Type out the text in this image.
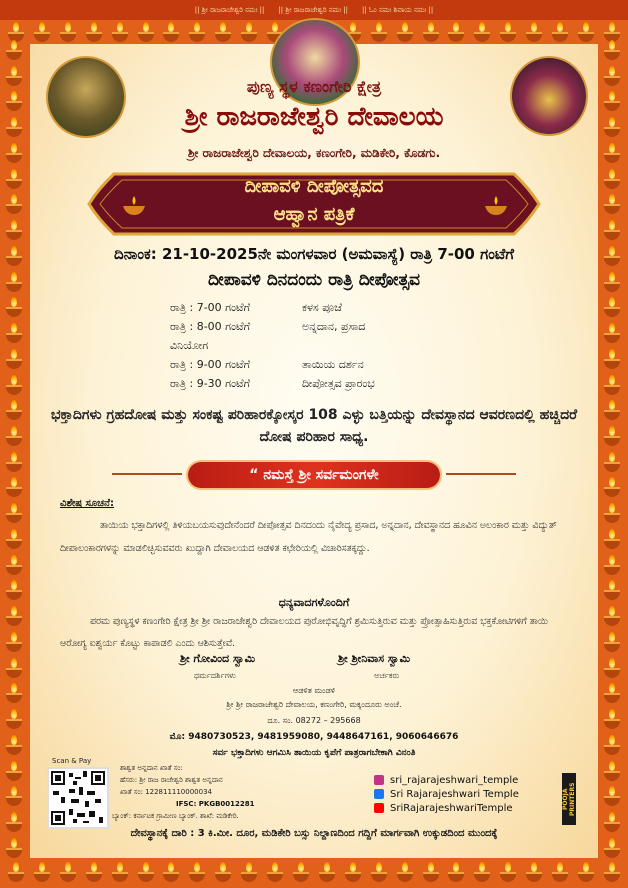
|| ಶ್ರೀ ರಾಜರಾಜೇಶ್ವರಿ ನಮಃ || || ಶ್ರೀ ರಾಜರಾಜೇಶ್ವರಿ ನಮಃ || || ಓಂ ನಮಃ ಶಿವಾಯ ನಮಃ ||
ಪುಣ್ಯ ಸ್ಥಳ ಕಣಂಗೇರಿ ಕ್ಷೇತ್ರ
ಶ್ರೀ ರಾಜರಾಜೇಶ್ವರಿ ದೇವಾಲಯ
ಶ್ರೀ ರಾಜರಾಜೇಶ್ವರಿ ದೇವಾಲಯ, ಕಣಂಗೇರಿ, ಮಡಿಕೇರಿ, ಕೊಡಗು.
ದೀಪಾವಳಿ ದೀಪೋತ್ಸವದ
ಆಹ್ವಾನ ಪತ್ರಿಕೆ
ದಿನಾಂಕ: 21-10-2025ನೇ ಮಂಗಳವಾರ (ಅಮವಾಸ್ಯೆ) ರಾತ್ರಿ 7-00 ಗಂಟೆಗೆ
ದೀಪಾವಳಿ ದಿನದಂದು ರಾತ್ರಿ ದೀಪೋತ್ಸವ
ರಾತ್ರಿ : 7-00 ಗಂಟೆಗೆ	ಕಳಸ ಪೂಜೆ
ರಾತ್ರಿ : 8-00 ಗಂಟೆಗೆ	ಅನ್ನದಾನ, ಪ್ರಸಾದ
ವಿನಿಯೋಗ
ರಾತ್ರಿ : 9-00 ಗಂಟೆಗೆ	ತಾಯಿಯ ದರ್ಶನ
ರಾತ್ರಿ : 9-30 ಗಂಟೆಗೆ	ದೀಪೋತ್ಸವ ಪ್ರಾರಂಭ
ಭಕ್ತಾದಿಗಳು ಗ್ರಹದೋಷ ಮತ್ತು ಸಂಕಷ್ಟ ಪರಿಹಾರಕ್ಕೋಸ್ಕರ 108 ಎಳ್ಳು ಬತ್ತಿಯನ್ನು ದೇವಸ್ಥಾನದ ಆವರಣದಲ್ಲಿ ಹಚ್ಚಿದರೆ ದೋಷ ಪರಿಹಾರ ಸಾಧ್ಯ.
“ ನಮಸ್ತೆ ಶ್ರೀ ಸರ್ವಮಂಗಳೇ
ವಿಶೇಷ ಸೂಚನೆ:
ತಾಯಿಯ ಭಕ್ತಾದಿಗಳಲ್ಲಿ ತಿಳಿಯಬಯಸುವುದೇನೆಂದರೆ ದೀಪೋತ್ಸವ ದಿನದಂದು ನೈವೇದ್ಯ ಪ್ರಸಾದ, ಅನ್ನದಾನ, ದೇವಸ್ಥಾನದ ಹೂವಿನ ಅಲಂಕಾರ ಮತ್ತು ವಿದ್ಯುತ್ ದೀಪಾಲಂಕಾರಗಳನ್ನು ಮಾಡಲಿಚ್ಛಿಸುವವರು ಖುದ್ದಾಗಿ ದೇವಾಲಯದ ಆಡಳಿತ ಕಛೇರಿಯಲ್ಲಿ ವಿಚಾರಿಸತಕ್ಕದ್ದು.
ಧನ್ಯವಾದಗಳೊಂದಿಗೆ
ಪರಮ ಪುಣ್ಯಸ್ಥಳ ಕಣಂಗೇರಿ ಕ್ಷೇತ್ರ ಶ್ರೀ ಶ್ರೀ ರಾಜರಾಜೇಶ್ವರಿ ದೇವಾಲಯದ ಪುರೋಭಿವೃದ್ಧಿಗೆ ಶ್ರಮಿಸುತ್ತಿರುವ ಮತ್ತು ಪ್ರೋತ್ಸಾಹಿಸುತ್ತಿರುವ ಭಕ್ತಕೋಟಿಗಳಿಗೆ ತಾಯಿ ಆರೋಗ್ಯ ಐಶ್ವರ್ಯ ಕೊಟ್ಟು ಕಾಪಾಡಲಿ ಎಂದು ಆಶಿಸುತ್ತೇವೆ.
ಶ್ರೀ ಗೋವಿಂದ ಸ್ವಾಮಿ
ಧರ್ಮದರ್ಶಿಗಳು
ಶ್ರೀ ಶ್ರೀನಿವಾಸ ಸ್ವಾಮಿ
ಅರ್ಚಕರು
ಆಡಳಿತ ಮಂಡಳಿ
ಶ್ರೀ ಶ್ರೀ ರಾಜರಾಜೇಶ್ವರಿ ದೇವಾಲಯ, ಕಣಂಗೇರಿ, ಮಕ್ಕಂದೂರು ಅಂಚೆ.
ದೂ. ಸಂ. 08272 – 295668
ಮೊ: 9480730523, 9481959080, 9448647161, 9060646676
ಸರ್ವ ಭಕ್ತಾದಿಗಳು ಆಗಮಿಸಿ ತಾಯಿಯ ಕೃಪೆಗೆ ಪಾತ್ರರಾಗಬೇಕಾಗಿ ವಿನಂತಿ
Scan & Pay
ಶಾಶ್ವತ ಅನ್ನದಾನ ಖಾತೆ ಸಂ:
ಹೆಸರು: ಶ್ರೀ ರಾಜ ರಾಜೇಶ್ವರಿ ಶಾಶ್ವತ ಅನ್ನದಾನ
ಖಾತೆ ಸಂ: 122811110000034
IFSC: PKGB0012281
ಬ್ಯಾಂಕ್: ಕರ್ನಾಟಕ ಗ್ರಾಮೀಣ ಬ್ಯಾಂಕ್. ಶಾಖೆ: ಮಡಿಕೇರಿ.
sri_rajarajeshwari_temple
Sri Rajarajeshwari Temple
SriRajarajeshwariTemple	POOJA PRINTERS
ದೇವಸ್ಥಾನಕ್ಕೆ ದಾರಿ : 3 ಕಿ.ಮೀ. ದೂರ, ಮಡಿಕೇರಿ ಬಸ್ಸು ನಿಲ್ದಾಣದಿಂದ ಗದ್ದಿಗೆ ಮಾರ್ಗವಾಗಿ ಉಕ್ಕುಡದಿಂದ ಮುಂದಕ್ಕೆ
